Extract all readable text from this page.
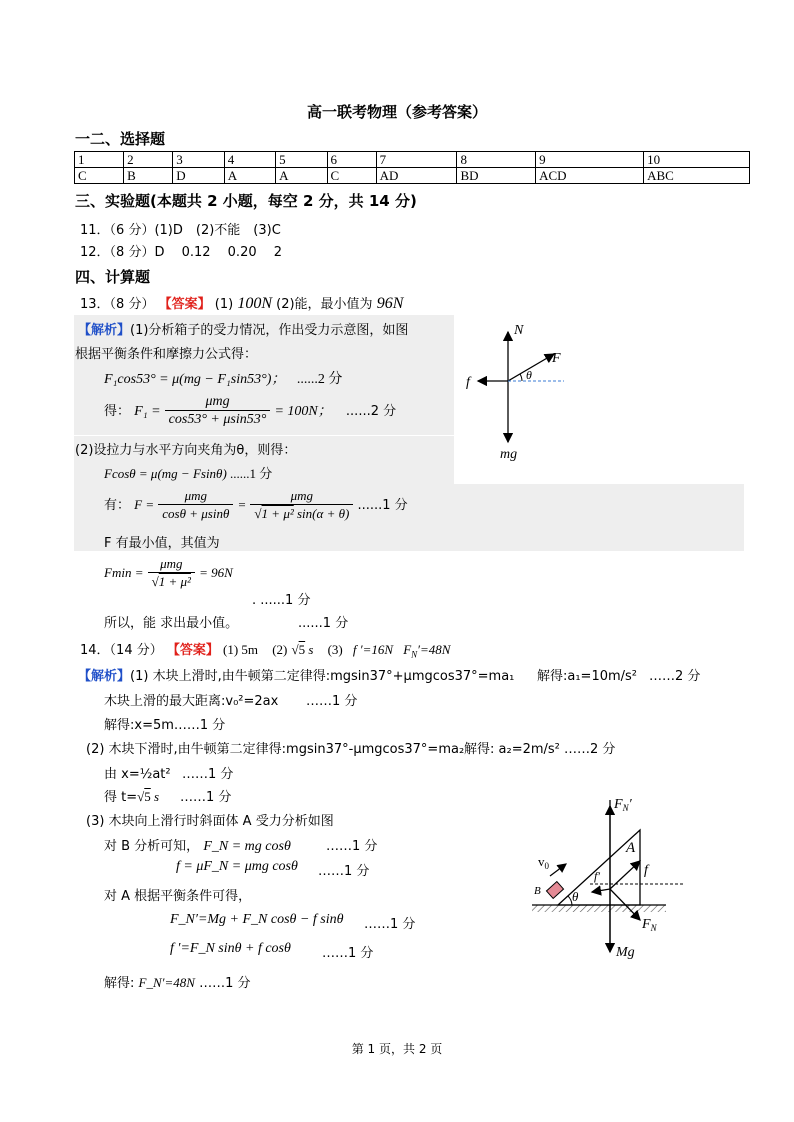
高一联考物理（参考答案）
一二、选择题
1	2	3	4	5	6	7	8	9	10
C	B	D	A	A	C	AD	BD	ACD	ABC
三、实验题(本题共 2 小题，每空 2 分，共 14 分)
11．（6 分）(1)D　(2)不能　(3)C
12．（8 分）D　 0.12　 0.20　 2
四、计算题
13．（8 分） 【答案】 (1) 100N (2)能，最小值为 96N
【解析】(1)分析箱子的受力情况，作出受力示意图，如图
根据平衡条件和摩擦力公式得：
F₁cos53° = μ(mg − F₁sin53°)； ......2 分
得： $F_1 = \frac{\text{μmg}}{\cos 53^\circ + \mu\sin 53^\circ} = 100N$； ......2 分
(2)设拉力与水平方向夹角为θ，则得：
Fcosθ = μ(mg − Fsinθ) ......1 分
有： $F = \frac{\text{μmg}}{\cos\theta + \mu\sin\theta} = \frac{\text{μmg}}{\text{√1 + μ² sin(α + θ)}} ......1$ 分
F 有最小值，其值为
$Fmin = \frac{\text{μmg}}{\text{√1 + μ²}} = 96N$
. ......1 分
所以，能 求出最小值。	......1 分
N
F
f	θ
mg
14．（14 分） 【答案】 (1) 5m (2) √5 s (3) f ′=16N $F_N'=48N$
【解析】(1) 木块上滑时,由牛顿第二定律得:mgsin37°+μmgcos37°=ma₁ 解得:a₁=10m/s² ……2 分
木块上滑的最大距离:v₀²=2ax ……1 分
解得:x=5m……1 分
(2) 木块下滑时,由牛顿第二定律得:mgsin37°-μmgcos37°=ma₂ 解得: a₂=2m/s² ……2 分
由 x=½at² ……1 分
得 t=√5 s ……1 分
(3) 木块向上滑行时斜面体 A 受力分析如图
对 B 分析可知， F_N = mg cosθ	……1 分
f = μF_N = μmg cosθ ……1 分
对 A 根据平衡条件可得，
F_N′=Mg + F_N cosθ − f sinθ ……1 分
f ′=F_N sinθ + f cosθ ……1 分
解得: F_N′=48N ……1 分
$F_N'$
A
$v_0$
f′	f
B θ
$F_N$
Mg
第 1 页，共 2 页
